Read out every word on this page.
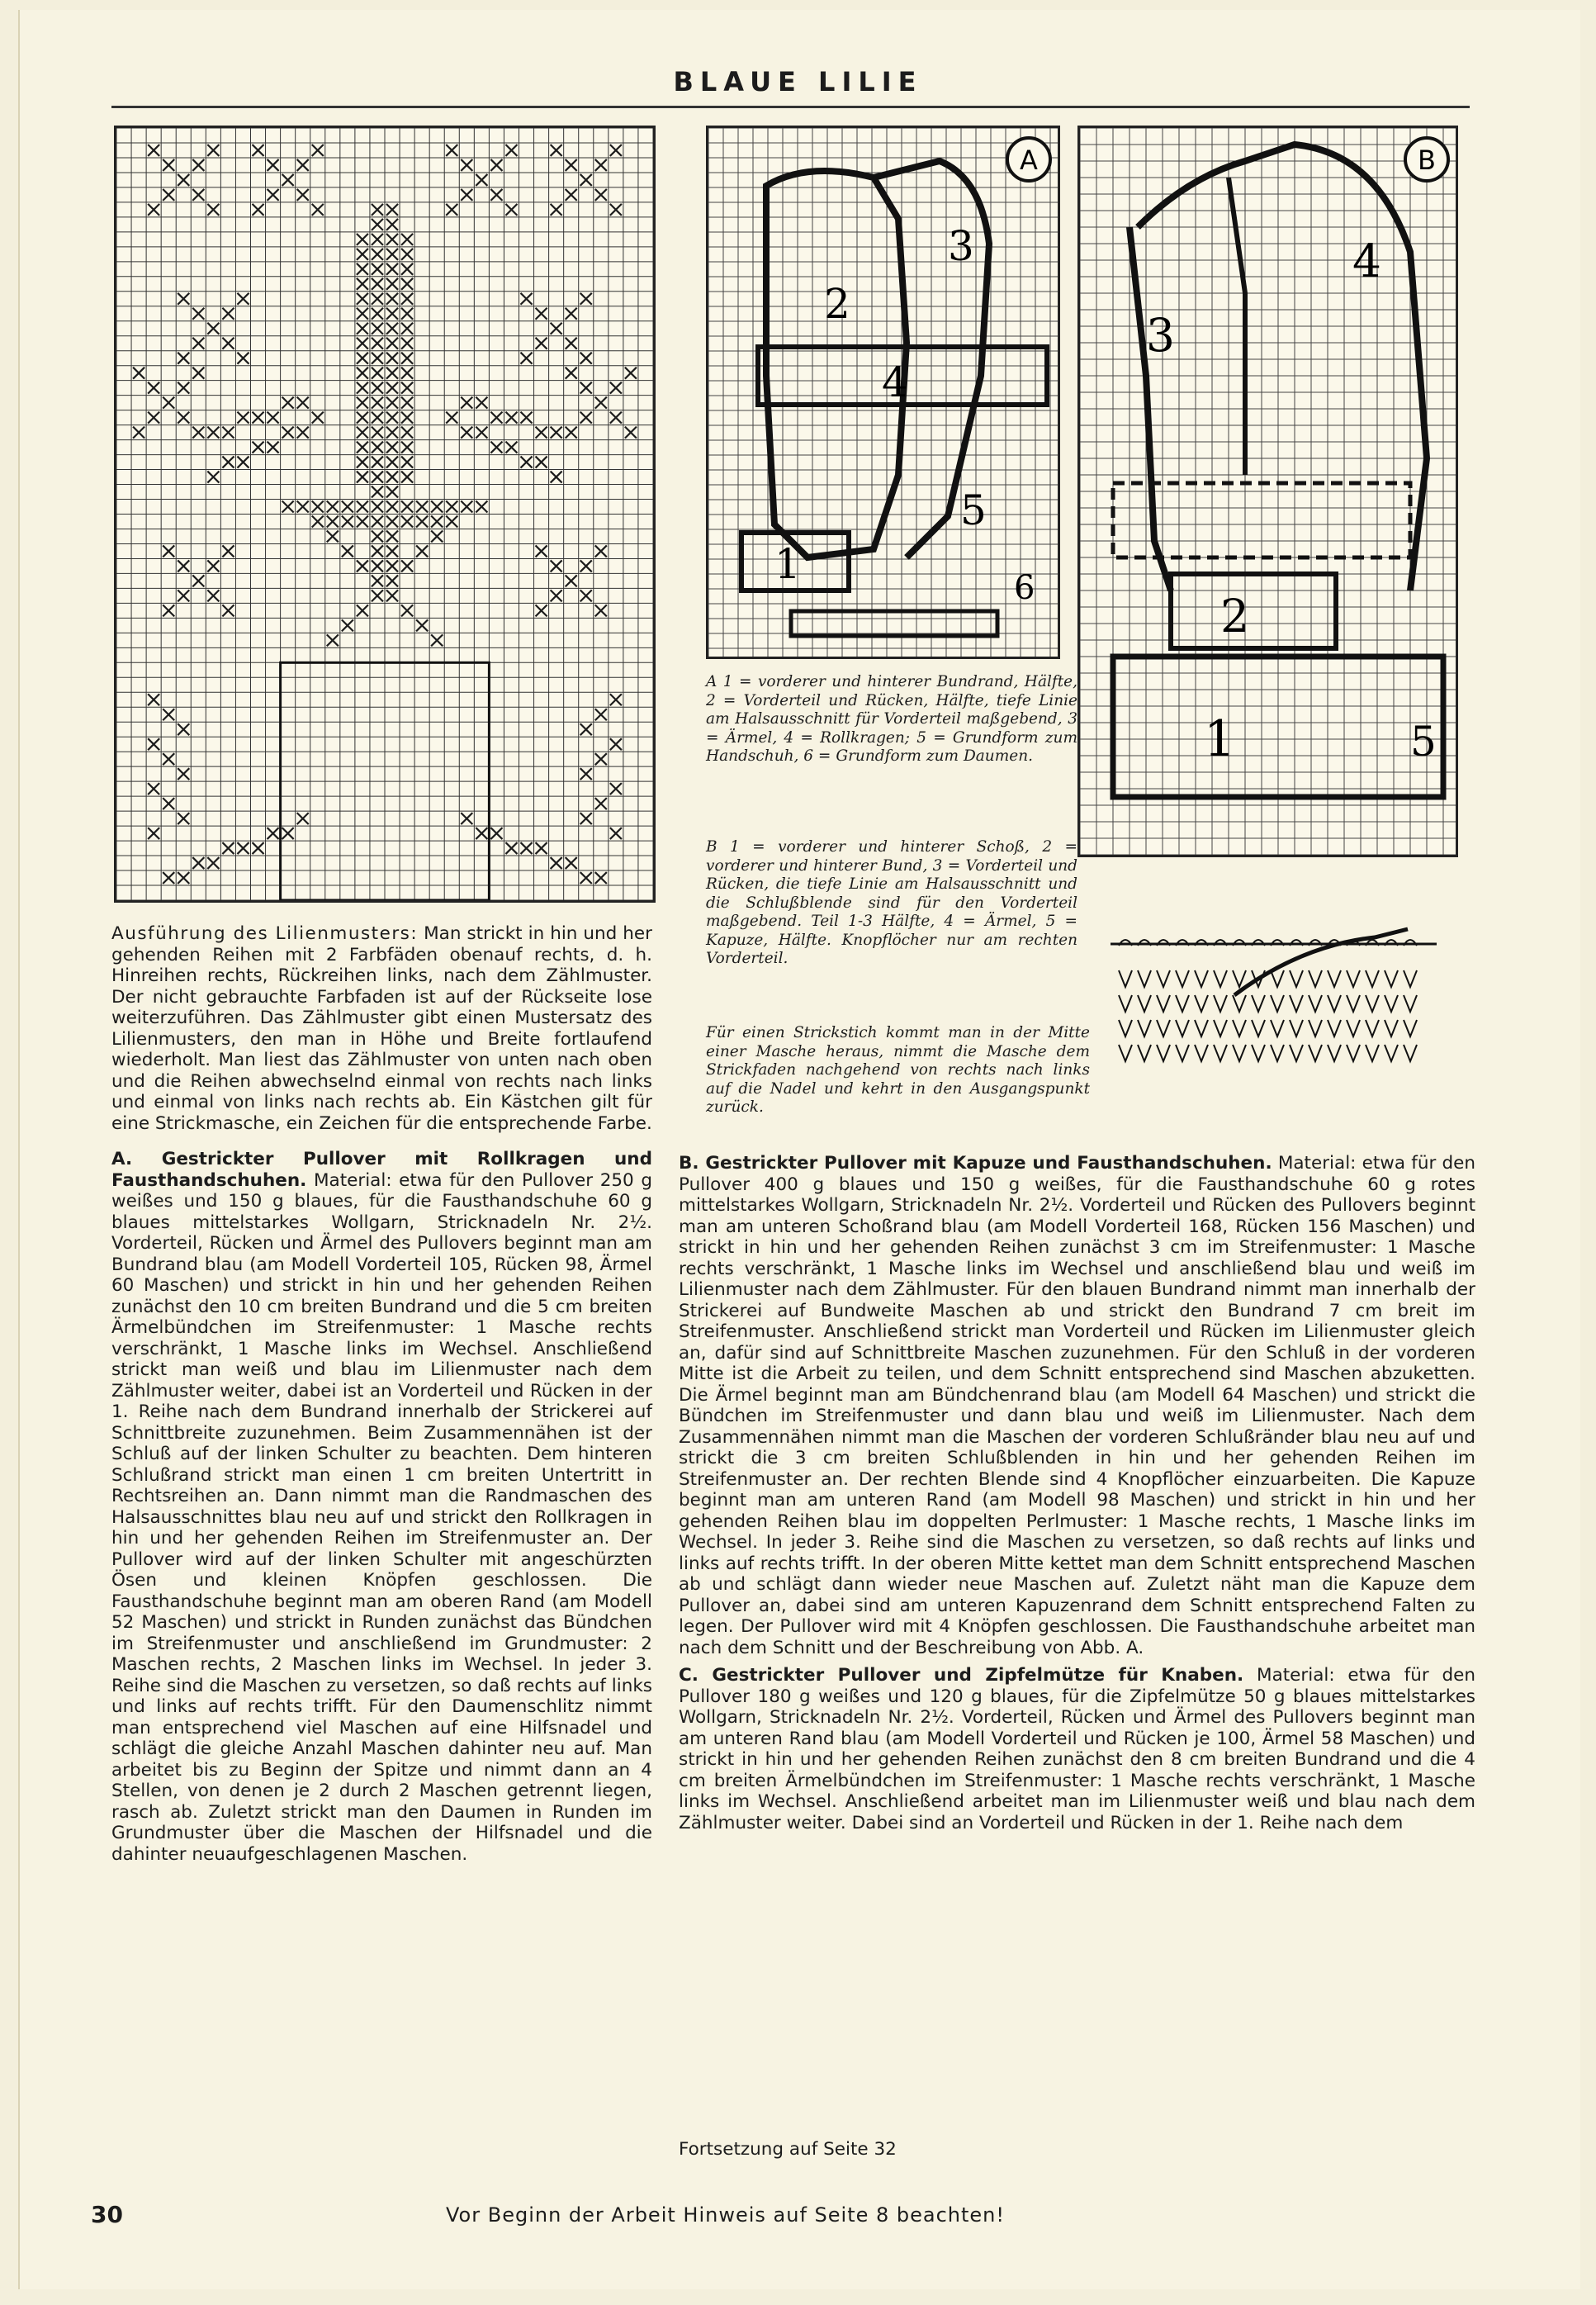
BLAUE LILIE
A
3
2
4
5
1	6
B
4
3
2
1	5
A 1 = vorderer und hinterer Bundrand, Hälfte, 2 = Vorderteil und Rücken, Hälfte, tiefe Linie am Halsausschnitt für Vorderteil maßgebend, 3 = Ärmel, 4 = Rollkragen; 5 = Grundform zum Handschuh, 6 = Grundform zum Daumen.
B 1 = vorderer und hinterer Schoß, 2 = vorderer und hinterer Bund, 3 = Vorderteil und Rücken, die tiefe Linie am Halsausschnitt und die Schlußblende sind für den Vorderteil maßgebend. Teil 1-3 Hälfte, 4 = Ärmel, 5 = Kapuze, Hälfte. Knopflöcher nur am rechten Vorderteil.
Für einen Strickstich kommt man in der Mitte einer Masche heraus, nimmt die Masche dem Strickfaden nachgehend von rechts nach links auf die Nadel und kehrt in den Ausgangspunkt zurück.

Ausführung des Lilienmusters: Man strickt in hin und her gehenden Reihen mit 2 Farbfäden obenauf rechts, d. h. Hinreihen rechts, Rückreihen links, nach dem Zählmuster. Der nicht gebrauchte Farbfaden ist auf der Rückseite lose weiterzuführen. Das Zählmuster gibt einen Mustersatz des Lilienmusters, den man in Höhe und Breite fortlaufend wiederholt. Man liest das Zählmuster von unten nach oben und die Reihen abwechselnd einmal von rechts nach links und einmal von links nach rechts ab. Ein Kästchen gilt für eine Strickmasche, ein Zeichen für die entsprechende Farbe.

A. Gestrickter Pullover mit Rollkragen und Fausthandschuhen. Material: etwa für den Pullover 250 g weißes und 150 g blaues, für die Fausthandschuhe 60 g blaues mittelstarkes Wollgarn, Stricknadeln Nr. 2½. Vorderteil, Rücken und Ärmel des Pullovers beginnt man am Bundrand blau (am Modell Vorderteil 105, Rücken 98, Ärmel 60 Maschen) und strickt in hin und her gehenden Reihen zunächst den 10 cm breiten Bundrand und die 5 cm breiten Ärmelbündchen im Streifenmuster: 1 Masche rechts verschränkt, 1 Masche links im Wechsel. Anschließend strickt man weiß und blau im Lilienmuster nach dem Zählmuster weiter, dabei ist an Vorderteil und Rücken in der 1. Reihe nach dem Bundrand innerhalb der Strickerei auf Schnittbreite zuzunehmen. Beim Zusammennähen ist der Schluß auf der linken Schulter zu beachten. Dem hinteren Schlußrand strickt man einen 1 cm breiten Untertritt in Rechtsreihen an. Dann nimmt man die Randmaschen des Halsausschnittes blau neu auf und strickt den Rollkragen in hin und her gehenden Reihen im Streifenmuster an. Der Pullover wird auf der linken Schulter mit angeschürzten Ösen und kleinen Knöpfen geschlossen. Die Fausthandschuhe beginnt man am oberen Rand (am Modell 52 Maschen) und strickt in Runden zunächst das Bündchen im Streifenmuster und anschließend im Grundmuster: 2 Maschen rechts, 2 Maschen links im Wechsel. In jeder 3. Reihe sind die Maschen zu versetzen, so daß rechts auf links und links auf rechts trifft. Für den Daumenschlitz nimmt man entsprechend viel Maschen auf eine Hilfsnadel und schlägt die gleiche Anzahl Maschen dahinter neu auf. Man arbeitet bis zu Beginn der Spitze und nimmt dann an 4 Stellen, von denen je 2 durch 2 Maschen getrennt liegen, rasch ab. Zuletzt strickt man den Daumen in Runden im Grundmuster über die Maschen der Hilfsnadel und die dahinter neuaufgeschlagenen Maschen.

B. Gestrickter Pullover mit Kapuze und Fausthandschuhen. Material: etwa für den Pullover 400 g blaues und 150 g weißes, für die Fausthandschuhe 60 g rotes mittelstarkes Wollgarn, Stricknadeln Nr. 2½. Vorderteil und Rücken des Pullovers beginnt man am unteren Schoßrand blau (am Modell Vorderteil 168, Rücken 156 Maschen) und strickt in hin und her gehenden Reihen zunächst 3 cm im Streifenmuster: 1 Masche rechts verschränkt, 1 Masche links im Wechsel und anschließend blau und weiß im Lilienmuster nach dem Zählmuster. Für den blauen Bundrand nimmt man innerhalb der Strickerei auf Bundweite Maschen ab und strickt den Bundrand 7 cm breit im Streifenmuster. Anschließend strickt man Vorderteil und Rücken im Lilienmuster gleich an, dafür sind auf Schnittbreite Maschen zuzunehmen. Für den Schluß in der vorderen Mitte ist die Arbeit zu teilen, und dem Schnitt entsprechend sind Maschen abzuketten. Die Ärmel beginnt man am Bündchenrand blau (am Modell 64 Maschen) und strickt die Bündchen im Streifenmuster und dann blau und weiß im Lilienmuster. Nach dem Zusammennähen nimmt man die Maschen der vorderen Schlußränder blau neu auf und strickt die 3 cm breiten Schlußblenden in hin und her gehenden Reihen im Streifenmuster an. Der rechten Blende sind 4 Knopflöcher einzuarbeiten. Die Kapuze beginnt man am unteren Rand (am Modell 98 Maschen) und strickt in hin und her gehenden Reihen blau im doppelten Perlmuster: 1 Masche rechts, 1 Masche links im Wechsel. In jeder 3. Reihe sind die Maschen zu versetzen, so daß rechts auf links und links auf rechts trifft. In der oberen Mitte kettet man dem Schnitt entsprechend Maschen ab und schlägt dann wieder neue Maschen auf. Zuletzt näht man die Kapuze dem Pullover an, dabei sind am unteren Kapuzenrand dem Schnitt entsprechend Falten zu legen. Der Pullover wird mit 4 Knöpfen geschlossen. Die Fausthandschuhe arbeitet man nach dem Schnitt und der Beschreibung von Abb. A.

C. Gestrickter Pullover und Zipfelmütze für Knaben. Material: etwa für den Pullover 180 g weißes und 120 g blaues, für die Zipfelmütze 50 g blaues mittelstarkes Wollgarn, Stricknadeln Nr. 2½. Vorderteil, Rücken und Ärmel des Pullovers beginnt man am unteren Rand blau (am Modell Vorderteil und Rücken je 100, Ärmel 58 Maschen) und strickt in hin und her gehenden Reihen zunächst den 8 cm breiten Bundrand und die 4 cm breiten Ärmelbündchen im Streifenmuster: 1 Masche rechts verschränkt, 1 Masche links im Wechsel. Anschließend arbeitet man im Lilienmuster weiß und blau nach dem Zählmuster weiter. Dabei sind an Vorderteil und Rücken in der 1. Reihe nach dem

Fortsetzung auf Seite 32
30	Vor Beginn der Arbeit Hinweis auf Seite 8 beachten!
